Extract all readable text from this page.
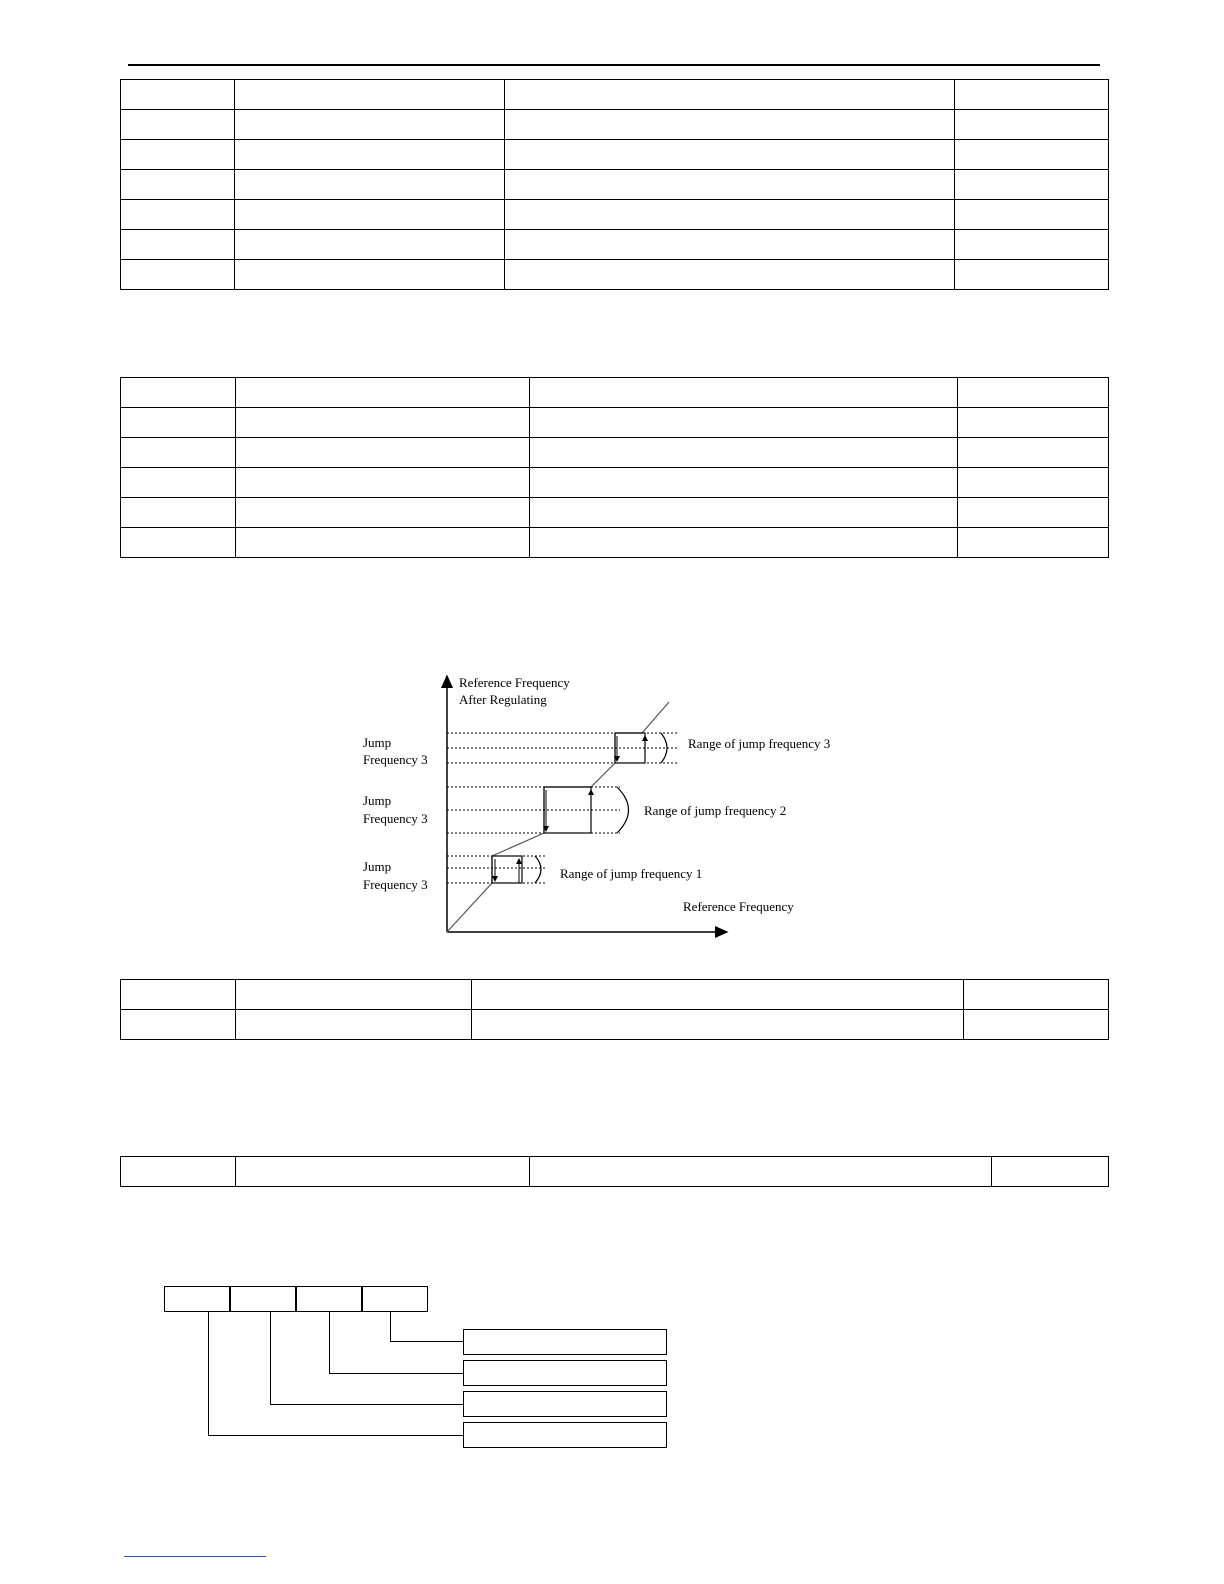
Reference Frequency
After Regulating
Reference Frequency
Jump
Frequency 3
Jump
Frequency 3
Jump
Frequency 3
Range of jump frequency 3
Range of jump frequency 2
Range of jump frequency 1
